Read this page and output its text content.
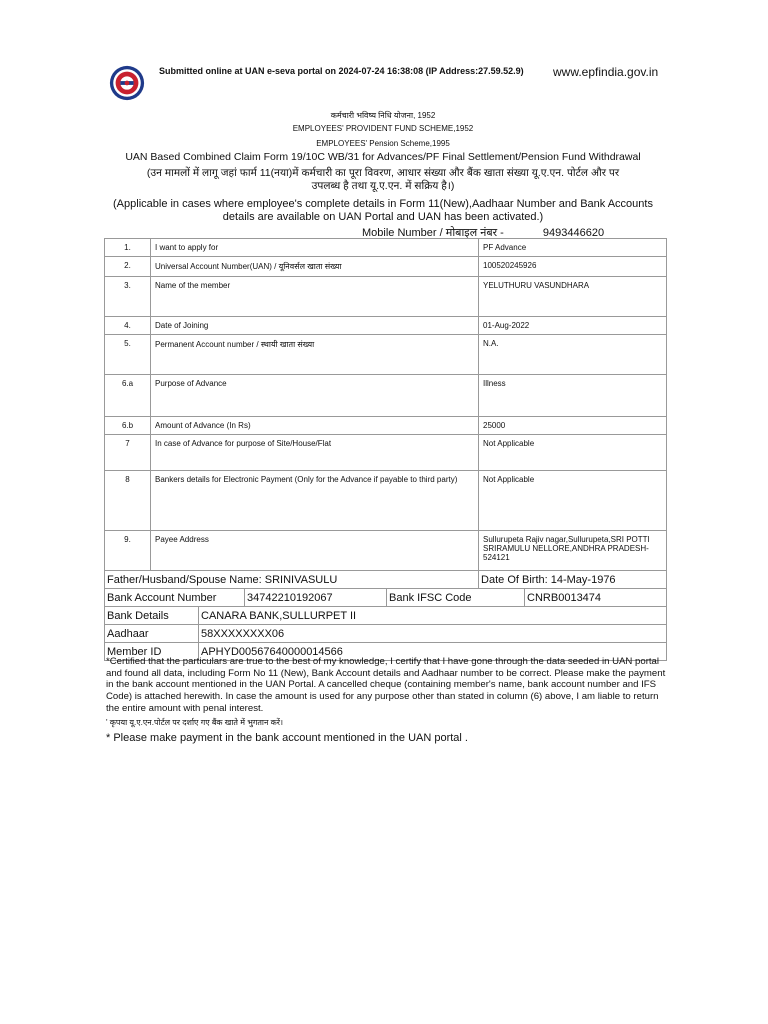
Submitted online at UAN e-seva portal on 2024-07-24 16:38:08 (IP Address:27.59.52.9) www.epfindia.gov.in
कर्मचारी भविष्य निधि योजना, 1952
EMPLOYEES' PROVIDENT FUND SCHEME,1952
EMPLOYEES' Pension Scheme,1995
UAN Based Combined Claim Form 19/10C WB/31 for Advances/PF Final Settlement/Pension Fund Withdrawal
(उन मामलों में लागू जहां फार्म 11(नया)में कर्मचारी का पूरा विवरण, आधार संख्या और बैंक खाता संख्या यू.ए.एन. पोर्टल और पर उपलब्ध है तथा यू.ए.एन. में सक्रिय है।)
(Applicable in cases where employee's complete details in Form 11(New),Aadhaar Number and Bank Accounts details are available on UAN Portal and UAN has been activated.)
Mobile Number / मोबाइल नंबर -	9493446620
1.	I want to apply for	PF Advance
2.	Universal Account Number(UAN) / यूनिवर्सल खाता संख्या	100520245926
3.	Name of the member	YELUTHURU VASUNDHARA
4.	Date of Joining	01-Aug-2022
5.	Permanent Account number / स्थायी खाता संख्या	N.A.
6.a	Purpose of Advance	Illness
6.b	Amount of Advance (In Rs)	25000
7	In case of Advance for purpose of Site/House/Flat	Not Applicable
8	Bankers details for Electronic Payment (Only for the Advance if payable to third party)	Not Applicable
9.	Payee Address	Sullurupeta Rajiv nagar,Sullurupeta,SRI POTTI SRIRAMULU NELLORE,ANDHRA PRADESH-524121
Father/Husband/Spouse Name: SRINIVASULU				Date Of Birth: 14-May-1976	
Bank Account Number		34742210192067	Bank IFSC Code		CNRB0013474
Bank Details	CANARA BANK,SULLURPET II				
Aadhaar	58XXXXXXXX06				
Member ID	APHYD00567640000014566				
*Certified that the particulars are true to the best of my knowledge, I certify that I have gone through the data seeded in UAN portal and found all data, including Form No 11 (New), Bank Account details and Aadhaar number to be correct. Please make the payment in the bank account mentioned in the UAN Portal. A cancelled cheque (containing member's name, bank account number and IFS Code) is attached herewith. In case the amount is used for any purpose other than stated in column (6) above, I am liable to return the entire amount with penal interest.
' कृपया यू.ए.एन.पोर्टल पर दर्शाए गए बैंक खाते में भुगतान करें।
* Please make payment in the bank account mentioned in the UAN portal .
